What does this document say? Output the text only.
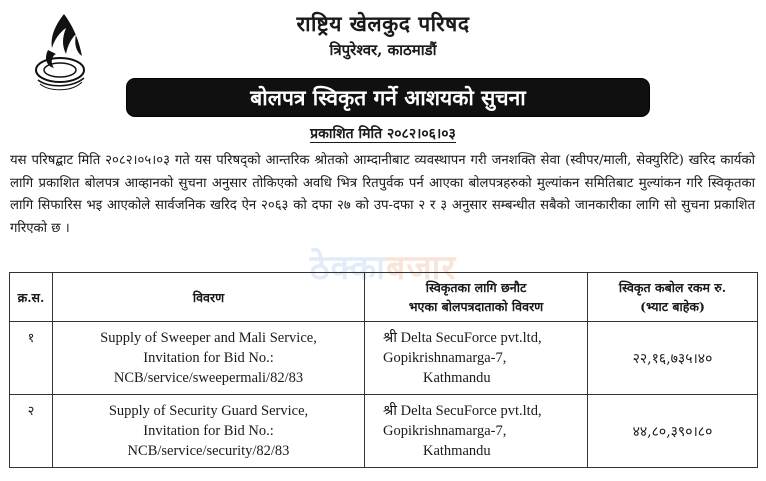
राष्ट्रिय खेलकुद परिषद
त्रिपुरेश्वर, काठमाडौं
बोलपत्र स्विकृत गर्ने आशयको सुचना
प्रकाशित मिति २०८२।०६।०३

यस परिषद्बाट मिति २०८२।०५।०३ गते यस परिषद्को आन्तरिक श्रोतको आम्दानीबाट व्यवस्थापन गरी जनशक्ति सेवा (स्वीपर/माली, सेक्युरिटि) खरिद कार्यको लागि प्रकाशित बोलपत्र आव्हानको सुचना अनुसार तोकिएको अवधि भित्र रितपुर्वक पर्न आएका बोलपत्रहरुको मुल्यांकन समितिबाट मुल्यांकन गरि स्विकृतका लागि सिफारिस भइ आएकोले सार्वजनिक खरिद ऐन २०६३ को दफा २७ को उप-दफा २ र ३ अनुसार सम्बन्धीत सबैको जानकारीका लागि सो सुचना प्रकाशित गरिएको छ ।

ठेक्काबजार
क्र.स.	विवरण	स्विकृतका लागि छनौट
भएका बोलपत्रदाताको विवरण	स्विकृत कबोल रकम रु.
(भ्याट बाहेक)

१	Supply of Sweeper and Mali Service,
Invitation for Bid No.:
NCB/service/sweepermali/82/83	श्री Delta SecuForce pvt.ltd,
Gopikrishnamarga-7,
Kathmandu	२२,१६,७३५।४०
२	Supply of Security Guard Service,
Invitation for Bid No.:
NCB/service/security/82/83	श्री Delta SecuForce pvt.ltd,
Gopikrishnamarga-7,
Kathmandu	४४,८०,३९०।८०
